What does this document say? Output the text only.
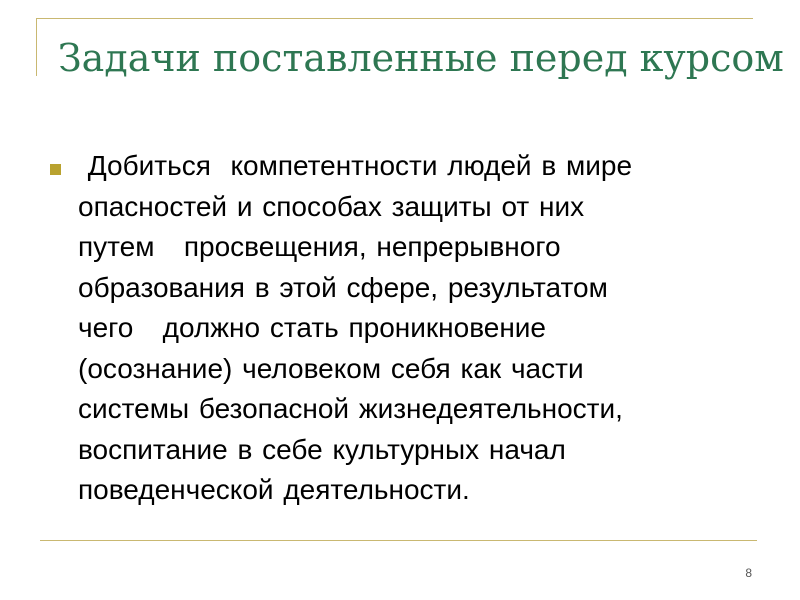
Задачи поставленные перед курсом

Добиться  компетентности людей в мире
опасностей и способах защиты от них
путем   просвещения, непрерывного
образования в этой сфере, результатом
чего   должно стать проникновение
(осознание) человеком себя как части
системы безопасной жизнедеятельности,
воспитание в себе культурных начал
поведенческой деятельности.

8
